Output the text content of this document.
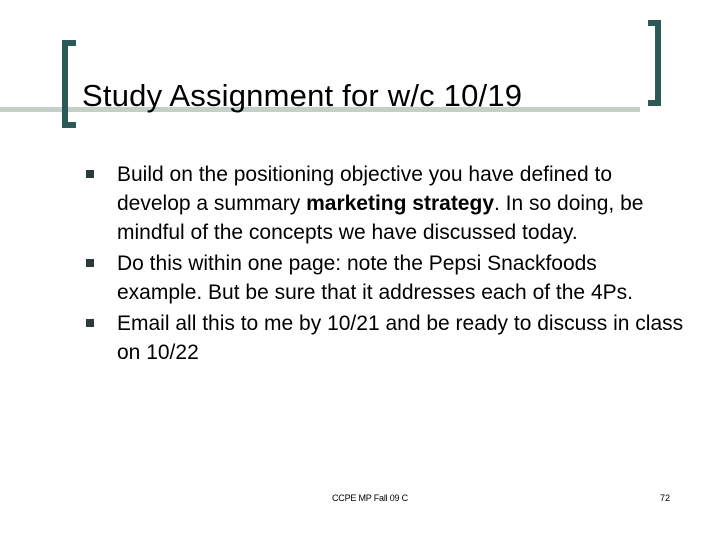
Study Assignment for w/c 10/19
Build on the positioning objective you have defined to develop a summary marketing strategy. In so doing, be mindful of the concepts we have discussed today.
Do this within one page: note the Pepsi Snackfoods example. But be sure that it addresses each of the 4Ps.
Email all this to me by 10/21 and be ready to discuss in class on 10/22
CCPE MP Fall 09 C	72
